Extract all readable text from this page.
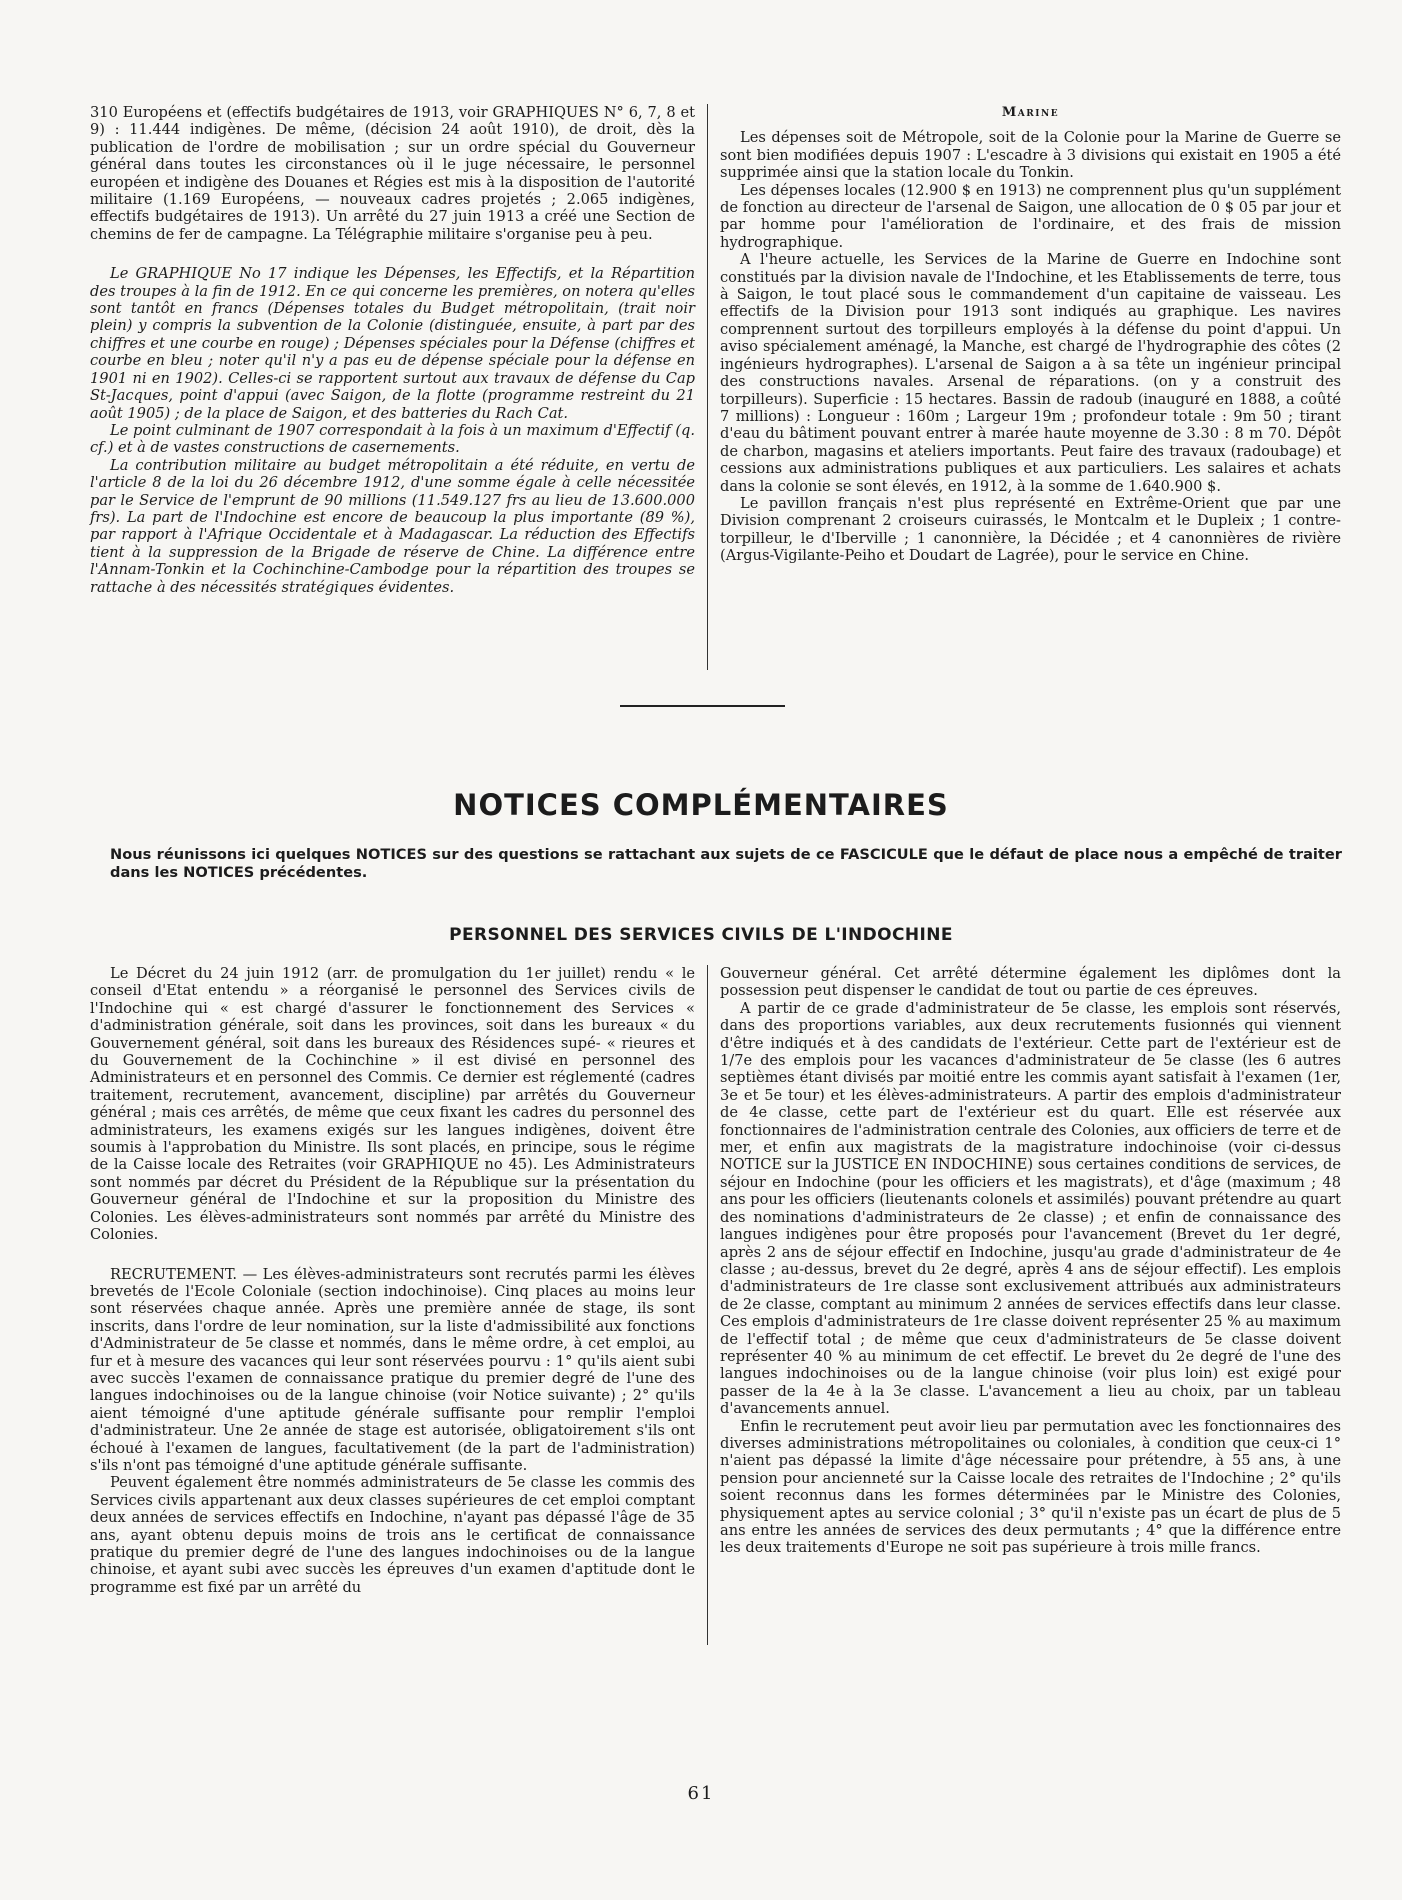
310 Européens et (effectifs budgétaires de 1913, voir GRAPHIQUES N° 6, 7, 8 et 9) : 11.444 indigènes. De même, (décision 24 août 1910), de droit, dès la publication de l'ordre de mobilisation ; sur un ordre spécial du Gouverneur général dans toutes les circonstances où il le juge nécessaire, le personnel européen et indigène des Douanes et Régies est mis à la disposition de l'autorité militaire (1.169 Européens, — nouveaux cadres projetés ; 2.065 indigènes, effectifs budgétaires de 1913). Un arrêté du 27 juin 1913 a créé une Section de chemins de fer de campagne. La Télégraphie militaire s'organise peu à peu.

Le GRAPHIQUE No 17 indique les Dépenses, les Effectifs, et la Répartition des troupes à la fin de 1912. En ce qui concerne les premières, on notera qu'elles sont tantôt en francs (Dépenses totales du Budget métropolitain, (trait noir plein) y compris la subvention de la Colonie (distinguée, ensuite, à part par des chiffres et une courbe en rouge) ; Dépenses spéciales pour la Défense (chiffres et courbe en bleu ; noter qu'il n'y a pas eu de dépense spéciale pour la défense en 1901 ni en 1902). Celles-ci se rapportent surtout aux travaux de défense du Cap St-Jacques, point d'appui (avec Saigon, de la flotte (programme restreint du 21 août 1905) ; de la place de Saigon, et des batteries du Rach Cat.

Le point culminant de 1907 correspondait à la fois à un maximum d'Effectif (q. cf.) et à de vastes constructions de casernements.

La contribution militaire au budget métropolitain a été réduite, en vertu de l'article 8 de la loi du 26 décembre 1912, d'une somme égale à celle nécessitée par le Service de l'emprunt de 90 millions (11.549.127 frs au lieu de 13.600.000 frs). La part de l'Indochine est encore de beaucoup la plus importante (89 %), par rapport à l'Afrique Occidentale et à Madagascar. La réduction des Effectifs tient à la suppression de la Brigade de réserve de Chine. La différence entre l'Annam-Tonkin et la Cochinchine-Cambodge pour la répartition des troupes se rattache à des nécessités stratégiques évidentes.

Marine

Les dépenses soit de Métropole, soit de la Colonie pour la Marine de Guerre se sont bien modifiées depuis 1907 : L'escadre à 3 divisions qui existait en 1905 a été supprimée ainsi que la station locale du Tonkin.

Les dépenses locales (12.900 $ en 1913) ne comprennent plus qu'un supplément de fonction au directeur de l'arsenal de Saigon, une allocation de 0 $ 05 par jour et par homme pour l'amélioration de l'ordinaire, et des frais de mission hydrographique.

A l'heure actuelle, les Services de la Marine de Guerre en Indochine sont constitués par la division navale de l'Indochine, et les Etablissements de terre, tous à Saigon, le tout placé sous le commandement d'un capitaine de vaisseau. Les effectifs de la Division pour 1913 sont indiqués au graphique. Les navires comprennent surtout des torpilleurs employés à la défense du point d'appui. Un aviso spécialement aménagé, la Manche, est chargé de l'hydrographie des côtes (2 ingénieurs hydrographes). L'arsenal de Saigon a à sa tête un ingénieur principal des constructions navales. Arsenal de réparations. (on y a construit des torpilleurs). Superficie : 15 hectares. Bassin de radoub (inauguré en 1888, a coûté 7 millions) : Longueur : 160m ; Largeur 19m ; profondeur totale : 9m 50 ; tirant d'eau du bâtiment pouvant entrer à marée haute moyenne de 3.30 : 8 m 70. Dépôt de charbon, magasins et ateliers importants. Peut faire des travaux (radoubage) et cessions aux administrations publiques et aux particuliers. Les salaires et achats dans la colonie se sont élevés, en 1912, à la somme de 1.640.900 $.

Le pavillon français n'est plus représenté en Extrême-Orient que par une Division comprenant 2 croiseurs cuirassés, le Montcalm et le Dupleix ; 1 contre-torpilleur, le d'Iberville ; 1 canonnière, la Décidée ; et 4 canonnières de rivière (Argus-Vigilante-Peiho et Doudart de Lagrée), pour le service en Chine.

NOTICES COMPLÉMENTAIRES
Nous réunissons ici quelques NOTICES sur des questions se rattachant aux sujets de ce FASCICULE que le défaut de place nous a empêché de traiter dans les NOTICES précédentes.
PERSONNEL DES SERVICES CIVILS DE L'INDOCHINE

Le Décret du 24 juin 1912 (arr. de promulgation du 1er juillet) rendu « le conseil d'Etat entendu » a réorganisé le personnel des Services civils de l'Indochine qui « est chargé d'assurer le fonctionnement des Services « d'administration générale, soit dans les provinces, soit dans les bureaux « du Gouvernement général, soit dans les bureaux des Résidences supé- « rieures et du Gouvernement de la Cochinchine » il est divisé en personnel des Administrateurs et en personnel des Commis. Ce dernier est réglementé (cadres traitement, recrutement, avancement, discipline) par arrêtés du Gouverneur général ; mais ces arrêtés, de même que ceux fixant les cadres du personnel des administrateurs, les examens exigés sur les langues indigènes, doivent être soumis à l'approbation du Ministre. Ils sont placés, en principe, sous le régime de la Caisse locale des Retraites (voir GRAPHIQUE no 45). Les Administrateurs sont nommés par décret du Président de la République sur la présentation du Gouverneur général de l'Indochine et sur la proposition du Ministre des Colonies. Les élèves-administrateurs sont nommés par arrêté du Ministre des Colonies.

RECRUTEMENT. — Les élèves-administrateurs sont recrutés parmi les élèves brevetés de l'Ecole Coloniale (section indochinoise). Cinq places au moins leur sont réservées chaque année. Après une première année de stage, ils sont inscrits, dans l'ordre de leur nomination, sur la liste d'admissibilité aux fonctions d'Administrateur de 5e classe et nommés, dans le même ordre, à cet emploi, au fur et à mesure des vacances qui leur sont réservées pourvu : 1° qu'ils aient subi avec succès l'examen de connaissance pratique du premier degré de l'une des langues indochinoises ou de la langue chinoise (voir Notice suivante) ; 2° qu'ils aient témoigné d'une aptitude générale suffisante pour remplir l'emploi d'administrateur. Une 2e année de stage est autorisée, obligatoirement s'ils ont échoué à l'examen de langues, facultativement (de la part de l'administration) s'ils n'ont pas témoigné d'une aptitude générale suffisante.

Peuvent également être nommés administrateurs de 5e classe les commis des Services civils appartenant aux deux classes supérieures de cet emploi comptant deux années de services effectifs en Indochine, n'ayant pas dépassé l'âge de 35 ans, ayant obtenu depuis moins de trois ans le certificat de connaissance pratique du premier degré de l'une des langues indochinoises ou de la langue chinoise, et ayant subi avec succès les épreuves d'un examen d'aptitude dont le programme est fixé par un arrêté du

Gouverneur général. Cet arrêté détermine également les diplômes dont la possession peut dispenser le candidat de tout ou partie de ces épreuves.

A partir de ce grade d'administrateur de 5e classe, les emplois sont réservés, dans des proportions variables, aux deux recrutements fusionnés qui viennent d'être indiqués et à des candidats de l'extérieur. Cette part de l'extérieur est de 1/7e des emplois pour les vacances d'administrateur de 5e classe (les 6 autres septièmes étant divisés par moitié entre les commis ayant satisfait à l'examen (1er, 3e et 5e tour) et les élèves-administrateurs. A partir des emplois d'administrateur de 4e classe, cette part de l'extérieur est du quart. Elle est réservée aux fonctionnaires de l'administration centrale des Colonies, aux officiers de terre et de mer, et enfin aux magistrats de la magistrature indochinoise (voir ci-dessus NOTICE sur la JUSTICE EN INDOCHINE) sous certaines conditions de services, de séjour en Indochine (pour les officiers et les magistrats), et d'âge (maximum ; 48 ans pour les officiers (lieutenants colonels et assimilés) pouvant prétendre au quart des nominations d'administrateurs de 2e classe) ; et enfin de connaissance des langues indigènes pour être proposés pour l'avancement (Brevet du 1er degré, après 2 ans de séjour effectif en Indochine, jusqu'au grade d'administrateur de 4e classe ; au-dessus, brevet du 2e degré, après 4 ans de séjour effectif). Les emplois d'administrateurs de 1re classe sont exclusivement attribués aux administrateurs de 2e classe, comptant au minimum 2 années de services effectifs dans leur classe. Ces emplois d'administrateurs de 1re classe doivent représenter 25 % au maximum de l'effectif total ; de même que ceux d'administrateurs de 5e classe doivent représenter 40 % au minimum de cet effectif. Le brevet du 2e degré de l'une des langues indochinoises ou de la langue chinoise (voir plus loin) est exigé pour passer de la 4e à la 3e classe. L'avancement a lieu au choix, par un tableau d'avancements annuel.

Enfin le recrutement peut avoir lieu par permutation avec les fonctionnaires des diverses administrations métropolitaines ou coloniales, à condition que ceux-ci 1° n'aient pas dépassé la limite d'âge nécessaire pour prétendre, à 55 ans, à une pension pour ancienneté sur la Caisse locale des retraites de l'Indochine ; 2° qu'ils soient reconnus dans les formes déterminées par le Ministre des Colonies, physiquement aptes au service colonial ; 3° qu'il n'existe pas un écart de plus de 5 ans entre les années de services des deux permutants ; 4° que la différence entre les deux traitements d'Europe ne soit pas supérieure à trois mille francs.

61
